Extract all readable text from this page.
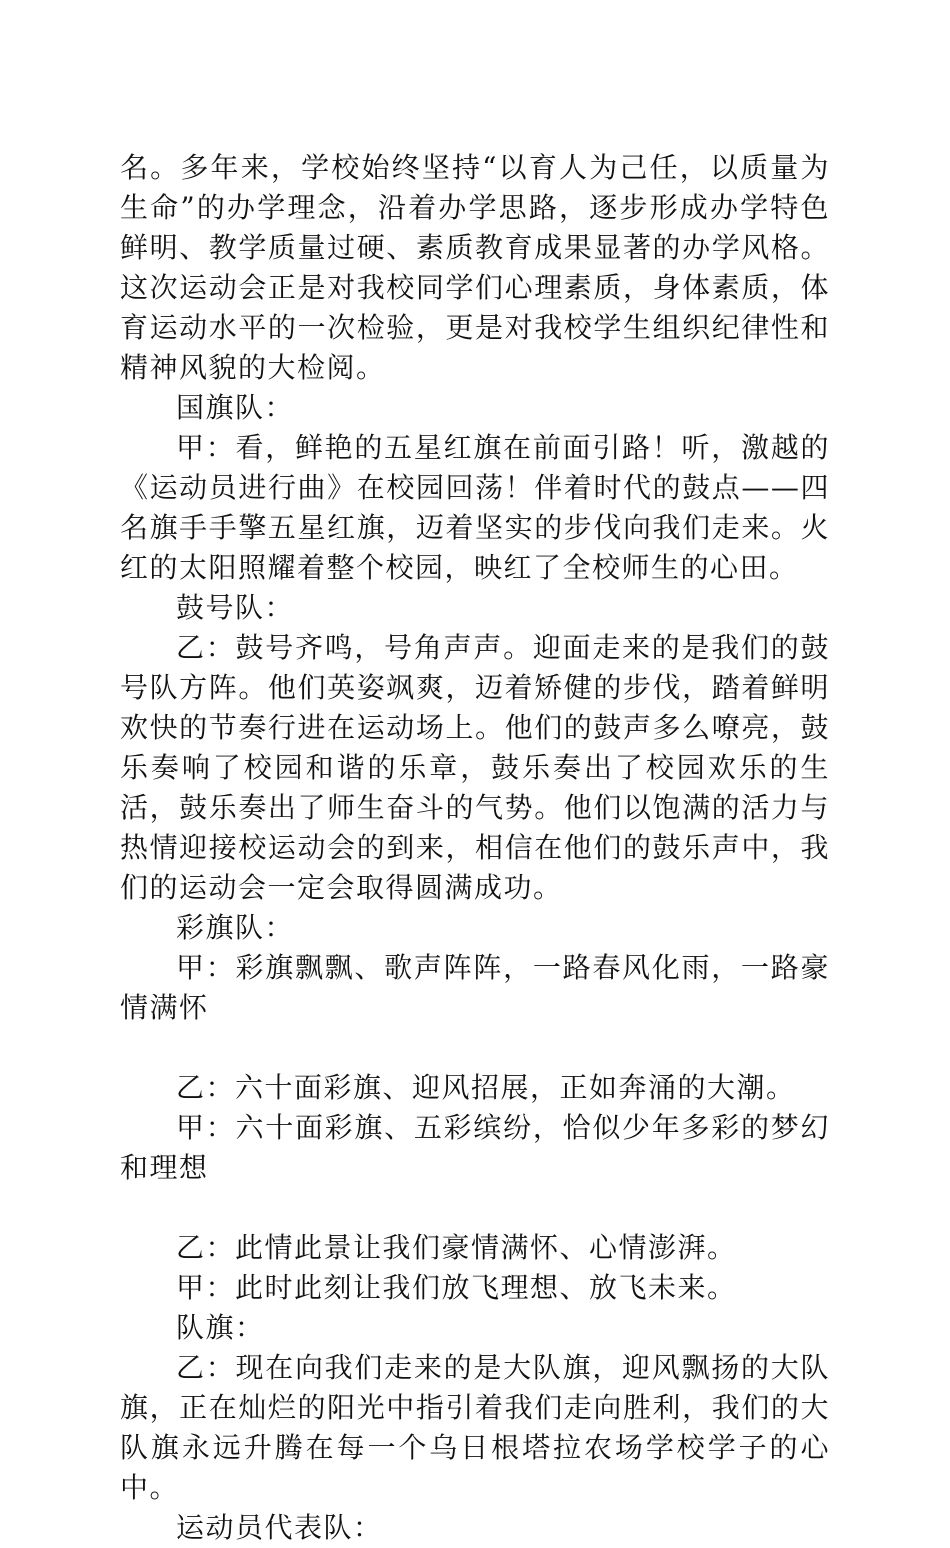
名。多年来，学校始终坚持“以育人为己任，以质量为生命”的办学理念，沿着办学思路，逐步形成办学特色鲜明、教学质量过硬、素质教育成果显著的办学风格。这次运动会正是对我校同学们心理素质，身体素质，体育运动水平的一次检验，更是对我校学生组织纪律性和精神风貌的大检阅。

国旗队：

甲：看，鲜艳的五星红旗在前面引路！听，激越的《运动员进行曲》在校园回荡！伴着时代的鼓点——四名旗手手擎五星红旗，迈着坚实的步伐向我们走来。火红的太阳照耀着整个校园，映红了全校师生的心田。

鼓号队：

乙：鼓号齐鸣，号角声声。迎面走来的是我们的鼓号队方阵。他们英姿飒爽，迈着矫健的步伐，踏着鲜明欢快的节奏行进在运动场上。他们的鼓声多么嘹亮，鼓乐奏响了校园和谐的乐章，鼓乐奏出了校园欢乐的生活，鼓乐奏出了师生奋斗的气势。他们以饱满的活力与热情迎接校运动会的到来，相信在他们的鼓乐声中，我们的运动会一定会取得圆满成功。

彩旗队：

甲：彩旗飘飘、歌声阵阵，一路春风化雨，一路豪情满怀

乙：六十面彩旗、迎风招展，正如奔涌的大潮。

甲：六十面彩旗、五彩缤纷，恰似少年多彩的梦幻和理想

乙：此情此景让我们豪情满怀、心情澎湃。

甲：此时此刻让我们放飞理想、放飞未来。

队旗：

乙：现在向我们走来的是大队旗，迎风飘扬的大队旗，正在灿烂的阳光中指引着我们走向胜利，我们的大队旗永远升腾在每一个乌日根塔拉农场学校学子的心中。

运动员代表队：
